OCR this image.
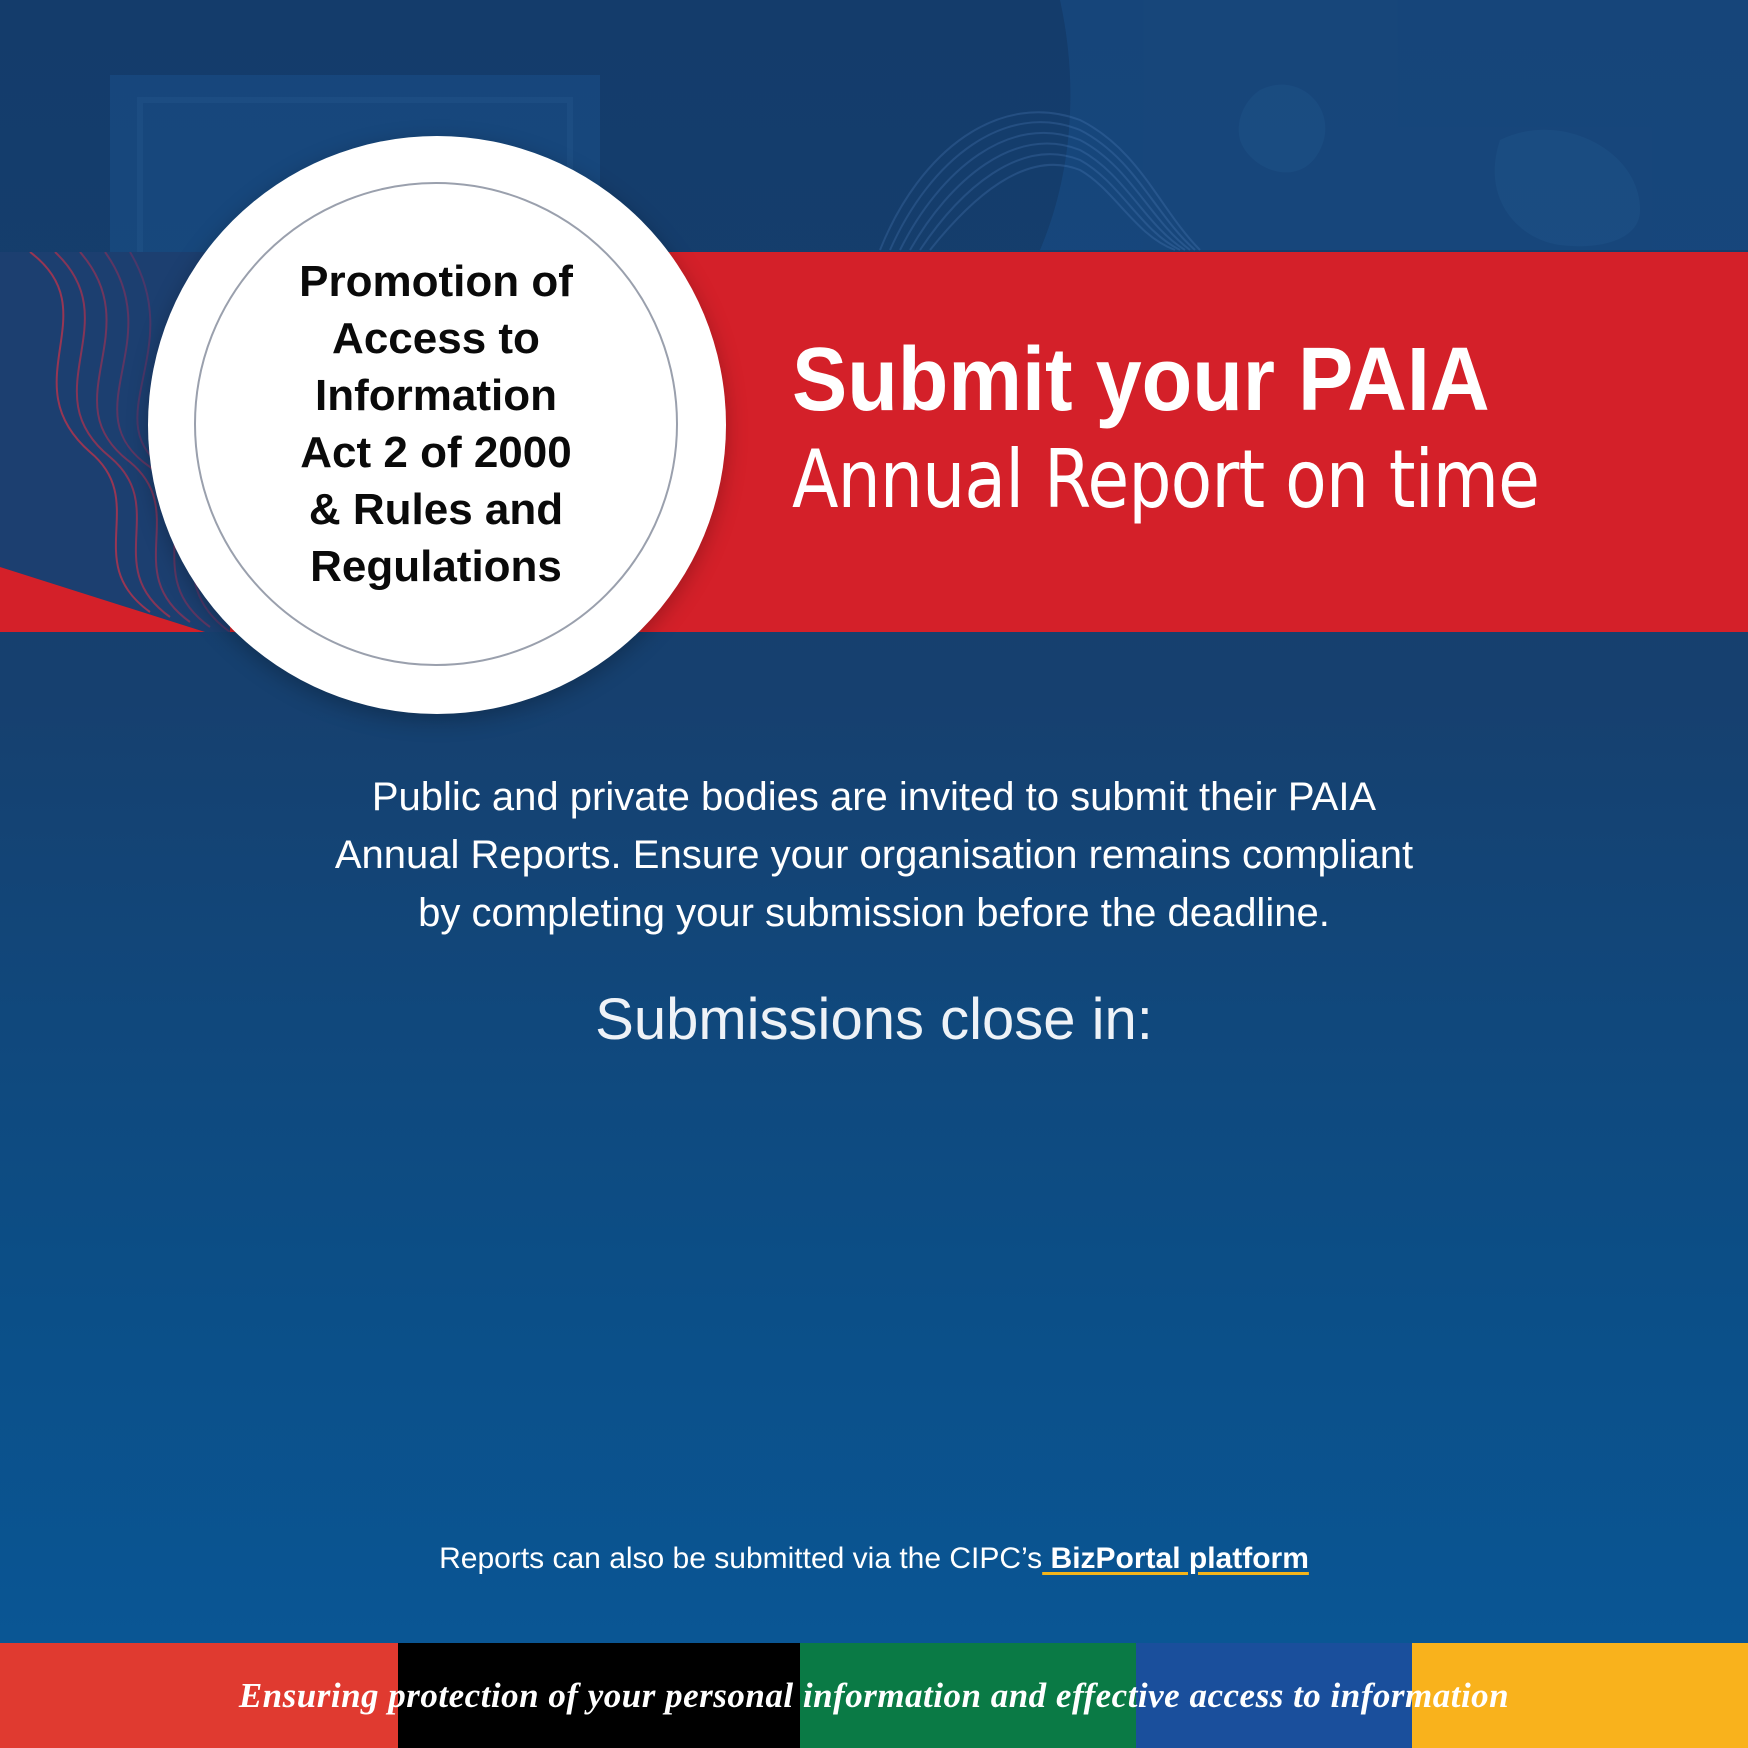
Promotion of
Access to
Information
Act 2 of 2000
& Rules and
Regulations

Submit your PAIA
Annual Report on time

Public and private bodies are invited to submit their PAIA
Annual Reports. Ensure your organisation remains compliant
by completing your submission before the deadline.

Submissions close in:

Reports can also be submitted via the CIPC’s BizPortal platform

Ensuring protection of your personal information and effective access to information
